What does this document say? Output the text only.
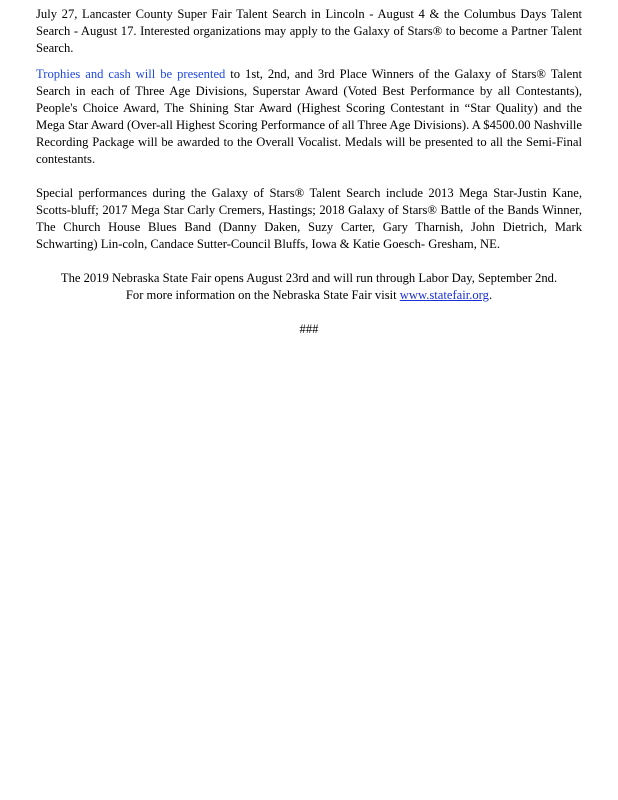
July 27, Lancaster County Super Fair Talent Search in Lincoln - August 4 & the Columbus Days Talent Search - August 17. Interested organizations may apply to the Galaxy of Stars® to become a Partner Talent Search.

Trophies and cash will be presented to 1st, 2nd, and 3rd Place Winners of the Galaxy of Stars® Talent Search in each of Three Age Divisions, Superstar Award (Voted Best Performance by all Contestants), People's Choice Award, The Shining Star Award (Highest Scoring Contestant in “Star Quality) and the Mega Star Award (Over-all Highest Scoring Performance of all Three Age Divisions). A $4500.00 Nashville Recording Package will be awarded to the Overall Vocalist. Medals will be presented to all the Semi-Final contestants.

Special performances during the Galaxy of Stars® Talent Search include 2013 Mega Star-Justin Kane, Scotts-bluff; 2017 Mega Star Carly Cremers, Hastings; 2018 Galaxy of Stars® Battle of the Bands Winner, The Church House Blues Band (Danny Daken, Suzy Carter, Gary Tharnish, John Dietrich, Mark Schwarting) Lin-coln, Candace Sutter-Council Bluffs, Iowa & Katie Goesch- Gresham, NE.

The 2019 Nebraska State Fair opens August 23rd and will run through Labor Day, September 2nd.

For more information on the Nebraska State Fair visit www.statefair.org.

###
